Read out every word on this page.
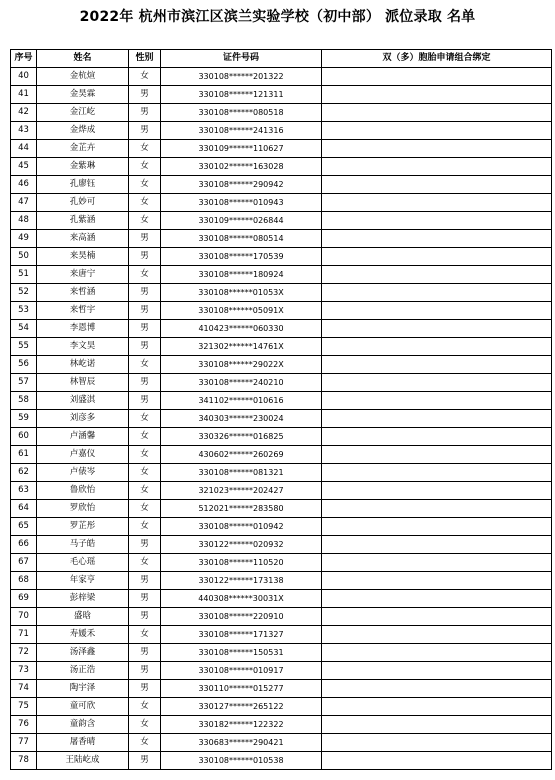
2022年 杭州市滨江区滨兰实验学校（初中部） 派位录取 名单
序号	姓名	性别	证件号码	双（多）胞胎申请组合绑定
40	金杭煊	女	330108******201322	
41	金昊霖	男	330108******121311	
42	金江屹	男	330108******080518	
43	金烨成	男	330108******241316	
44	金芷卉	女	330109******110627	
45	金紫琳	女	330102******163028	
46	孔廖钰	女	330108******290942	
47	孔妙可	女	330108******010943	
48	孔紫涵	女	330109******026844	
49	来高涵	男	330108******080514	
50	来昊楠	男	330108******170539	
51	来唐宁	女	330108******180924	
52	来哲涵	男	330108******01053X	
53	来哲宇	男	330108******05091X	
54	李恩博	男	410423******060330	
55	李文昊	男	321302******14761X	
56	林屹诺	女	330108******29022X	
57	林智辰	男	330108******240210	
58	刘盛淇	男	341102******010616	
59	刘彦多	女	340303******230024	
60	卢涵馨	女	330326******016825	
61	卢嘉仪	女	430602******260269	
62	卢俵岑	女	330108******081321	
63	鲁欣怡	女	321023******202427	
64	罗欣怡	女	512021******283580	
65	罗芷彤	女	330108******010942	
66	马子皓	男	330122******020932	
67	毛心瑶	女	330108******110520	
68	年家亨	男	330122******173138	
69	彭梓梁	男	440308******30031X	
70	盛晗	男	330108******220910	
71	寿媛禾	女	330108******171327	
72	汤泽鑫	男	330108******150531	
73	汤正浩	男	330108******010917	
74	陶宇泽	男	330110******015277	
75	童可欣	女	330127******265122	
76	童韵含	女	330182******122322	
77	屠香晴	女	330683******290421	
78	王陆屹成	男	330108******010538	
